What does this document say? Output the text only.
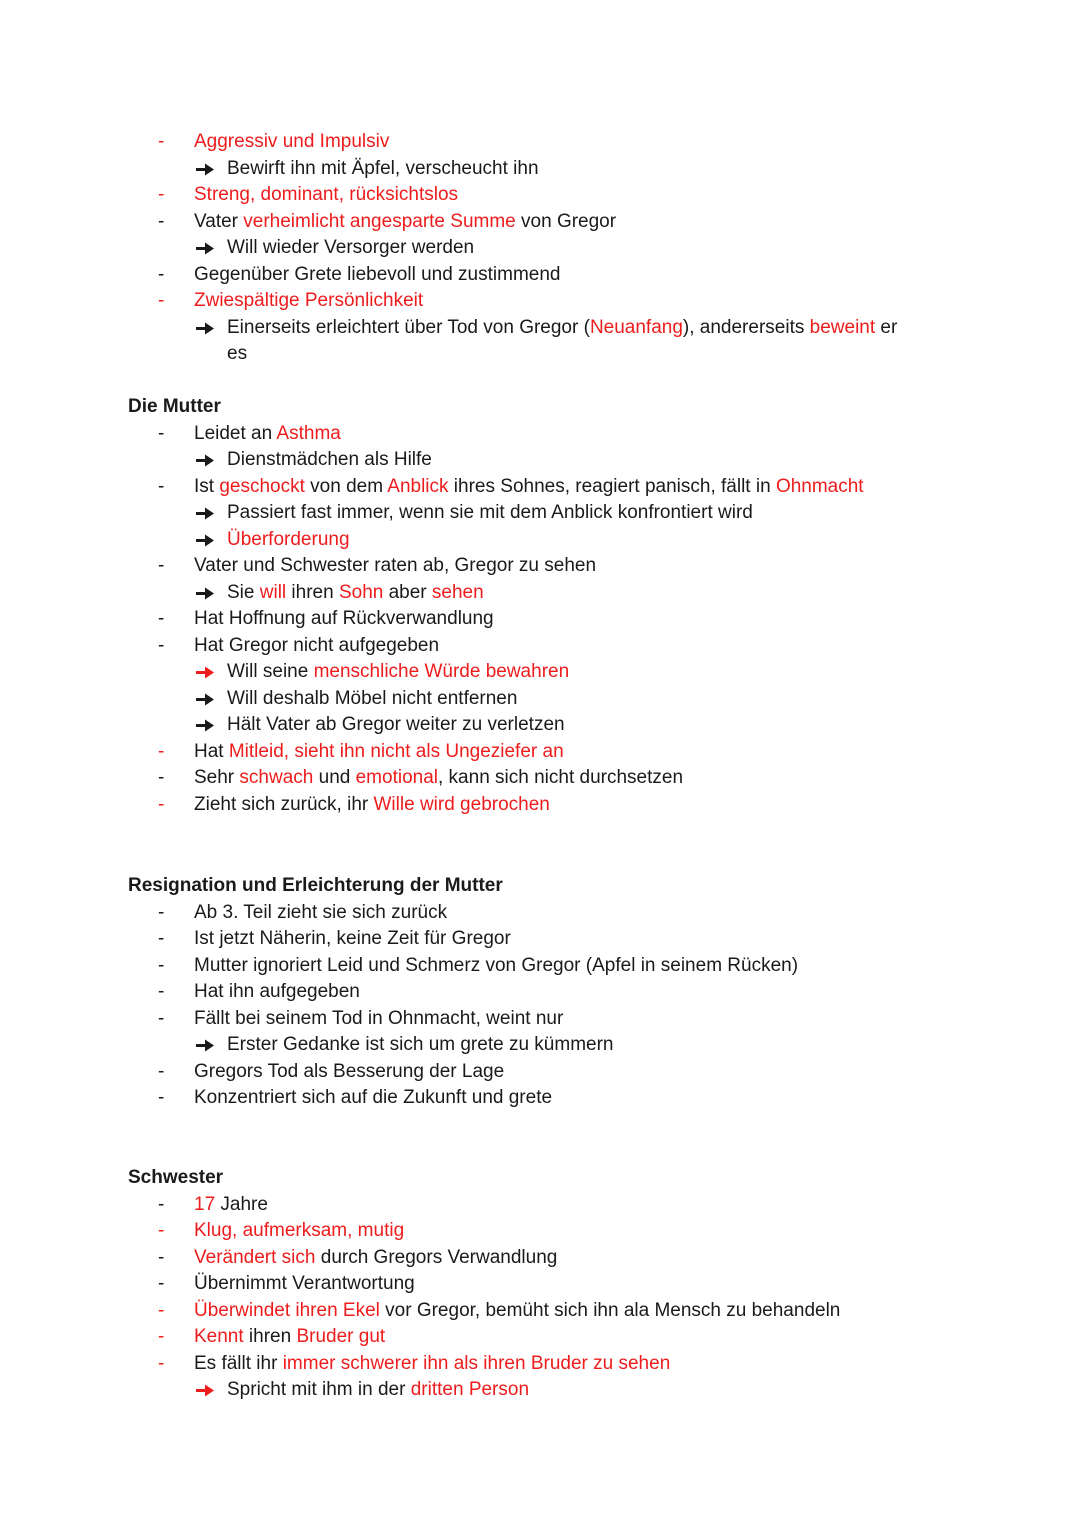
- Aggressiv und Impulsiv
Bewirft ihn mit Äpfel, verscheucht ihn
- Streng, dominant, rücksichtslos
- Vater verheimlicht angesparte Summe von Gregor
Will wieder Versorger werden
- Gegenüber Grete liebevoll und zustimmend
- Zwiespältige Persönlichkeit
Einerseits erleichtert über Tod von Gregor (Neuanfang), andererseits beweint er
es
Die Mutter
- Leidet an Asthma
Dienstmädchen als Hilfe
- Ist geschockt von dem Anblick ihres Sohnes, reagiert panisch, fällt in Ohnmacht
Passiert fast immer, wenn sie mit dem Anblick konfrontiert wird
Überforderung
- Vater und Schwester raten ab, Gregor zu sehen
Sie will ihren Sohn aber sehen
- Hat Hoffnung auf Rückverwandlung
- Hat Gregor nicht aufgegeben
Will seine menschliche Würde bewahren
Will deshalb Möbel nicht entfernen
Hält Vater ab Gregor weiter zu verletzen
- Hat Mitleid, sieht ihn nicht als Ungeziefer an
- Sehr schwach und emotional, kann sich nicht durchsetzen
- Zieht sich zurück, ihr Wille wird gebrochen
Resignation und Erleichterung der Mutter
- Ab 3. Teil zieht sie sich zurück
- Ist jetzt Näherin, keine Zeit für Gregor
- Mutter ignoriert Leid und Schmerz von Gregor (Apfel in seinem Rücken)
- Hat ihn aufgegeben
- Fällt bei seinem Tod in Ohnmacht, weint nur
Erster Gedanke ist sich um grete zu kümmern
- Gregors Tod als Besserung der Lage
- Konzentriert sich auf die Zukunft und grete
Schwester
- 17 Jahre
- Klug, aufmerksam, mutig
- Verändert sich durch Gregors Verwandlung
- Übernimmt Verantwortung
- Überwindet ihren Ekel vor Gregor, bemüht sich ihn ala Mensch zu behandeln
- Kennt ihren Bruder gut
- Es fällt ihr immer schwerer ihn als ihren Bruder zu sehen
Spricht mit ihm in der dritten Person
